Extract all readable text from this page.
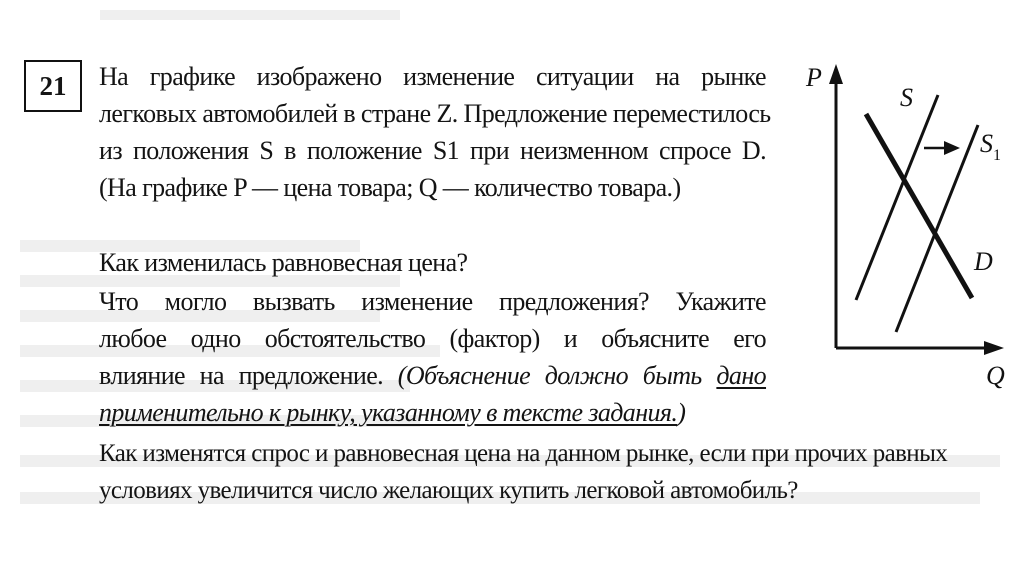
21 На графике изображено изменение ситуации на рынке
легковых автомобилей в стране Z. Предложение переместилось
из положения S в положение S1 при неизменном спросе D.
(На графике P — цена товара; Q — количество товара.)
Как изменилась равновесная цена?
Что могло вызвать изменение предложения? Укажите
любое одно обстоятельство (фактор) и объясните его
влияние на предложение. (Объяснение должно быть дано
применительно к рынку, указанному в тексте задания.)
Как изменятся спрос и равновесная цена на данном рынке, если при прочих равных
условиях увеличится число желающих купить легковой автомобиль?
P
Q
S
$S_1$
D
